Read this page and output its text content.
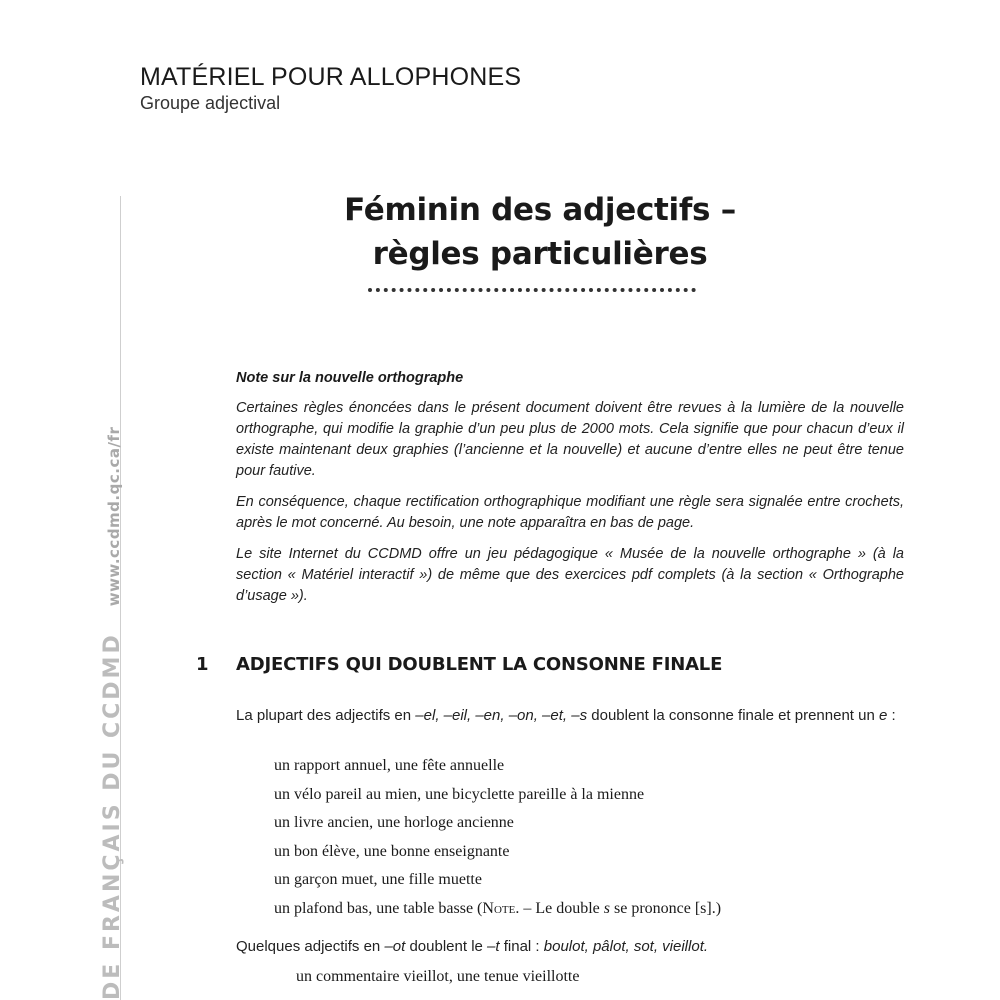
MATÉRIEL POUR ALLOPHONES
Groupe adjectival
DE FRANÇAIS DU CCDMDwww.ccdmd.qc.ca/fr
Féminin des adjectifs –
règles particulières
Note sur la nouvelle orthographe

Certaines règles énoncées dans le présent document doivent être revues à la lumière de la nouvelle orthographe, qui modifie la graphie d’un peu plus de 2000 mots. Cela signifie que pour chacun d’eux il existe maintenant deux graphies (l’ancienne et la nouvelle) et aucune d’entre elles ne peut être tenue pour fautive.

En conséquence, chaque rectification orthographique modifiant une règle sera signalée entre crochets, après le mot concerné. Au besoin, une note apparaîtra en bas de page.

Le site Internet du CCDMD offre un jeu pédagogique « Musée de la nouvelle orthographe » (à la section « Matériel interactif ») de même que des exercices pdf complets (à la section « Orthographe d’usage »).

1 ADJECTIFS QUI DOUBLENT LA CONSONNE FINALE
La plupart des adjectifs en –el, –eil, –en, –on, –et, –s doublent la consonne finale et prennent un e :
un rapport annuel, une fête annuelle
un vélo pareil au mien, une bicyclette pareille à la mienne
un livre ancien, une horloge ancienne
un bon élève, une bonne enseignante
un garçon muet, une fille muette
un plafond bas, une table basse (Note. – Le double s se prononce [s].)
Quelques adjectifs en –ot doublent le –t final : boulot, pâlot, sot, vieillot.
un commentaire vieillot, une tenue vieillotte
